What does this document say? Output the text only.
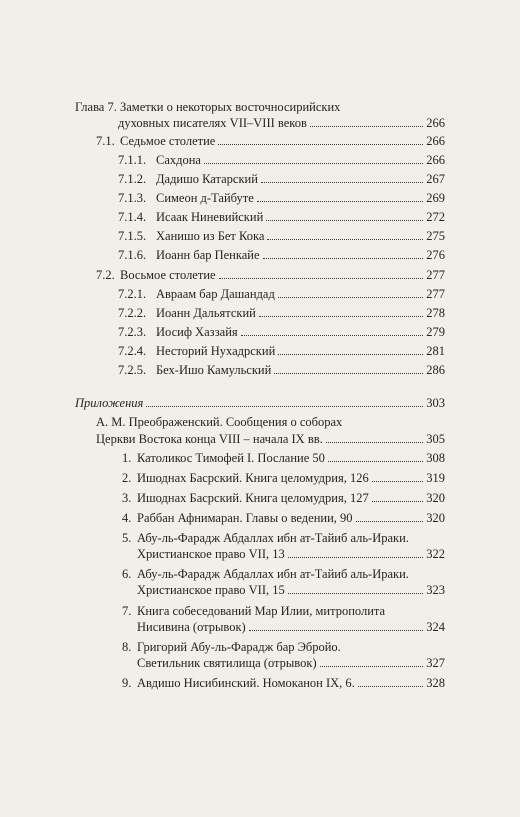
Глава 7. Заметки о некоторых восточносирийских
духовных писателях VII–VIII веков	266
7.1. Седьмое столетие	266
7.1.1. Сахдона	266
7.1.2. Дадишо Катарский	267
7.1.3. Симеон д-Тайбуте	269
7.1.4. Исаак Ниневийский	272
7.1.5. Ханишо из Бет Кока	275
7.1.6. Иоанн бар Пенкайе	276
7.2. Восьмое столетие	277
7.2.1. Авраам бар Дашандад	277
7.2.2. Иоанн Дальятский	278
7.2.3. Иосиф Хаззайя	279
7.2.4. Несторий Нухадрский	281
7.2.5. Бех-Ишо Камульский	286
Приложения	303
А. М. Преображенский. Сообщения о соборах
Церкви Востока конца VIII – начала IX вв.	305
1. Католикос Тимофей I. Послание 50	308
2. Ишоднах Басрский. Книга целомудрия, 126	319
3. Ишоднах Басрский. Книга целомудрия, 127	320
4. Раббан Афнимаран. Главы о ведении, 90	320
5. Абу-ль-Фарадж Абдаллах ибн ат-Тайиб аль-Ираки.
Христианское право VII, 13	322
6. Абу-ль-Фарадж Абдаллах ибн ат-Тайиб аль-Ираки.
Христианское право VII, 15	323
7. Книга собеседований Мар Илии, митрополита
Нисивина (отрывок)	324
8. Григорий Абу-ль-Фарадж бар Эбройо.
Светильник святилища (отрывок)	327
9. Авдишо Нисибинский. Номоканон IX, 6.	328
